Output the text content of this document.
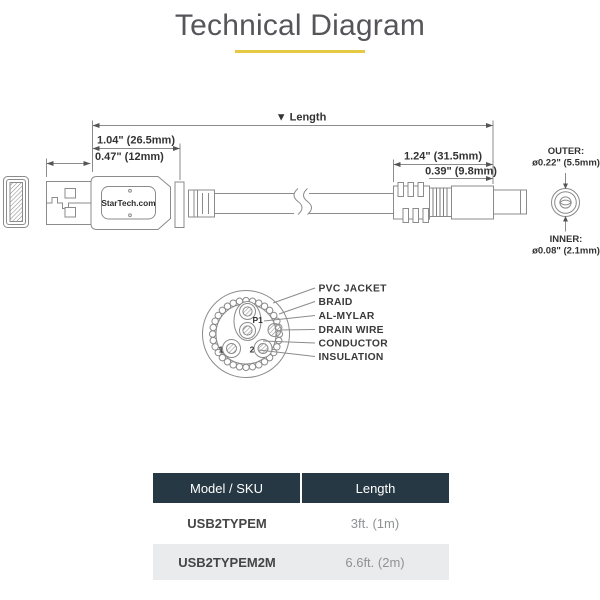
Technical Diagram
StarTech.com
OUTER:
ø0.22" (5.5mm)
INNER:
ø0.08" (2.1mm)
▼ Length
1.04" (26.5mm)
0.47" (12mm)	1.24" (31.5mm)
0.39" (9.8mm)
P1
1	2
PVC JACKET
BRAID
AL-MYLAR
DRAIN WIRE
CONDUCTOR
INSULATION
Model / SKU	Length
USB2TYPEM	3ft. (1m)
USB2TYPEM2M	6.6ft. (2m)
